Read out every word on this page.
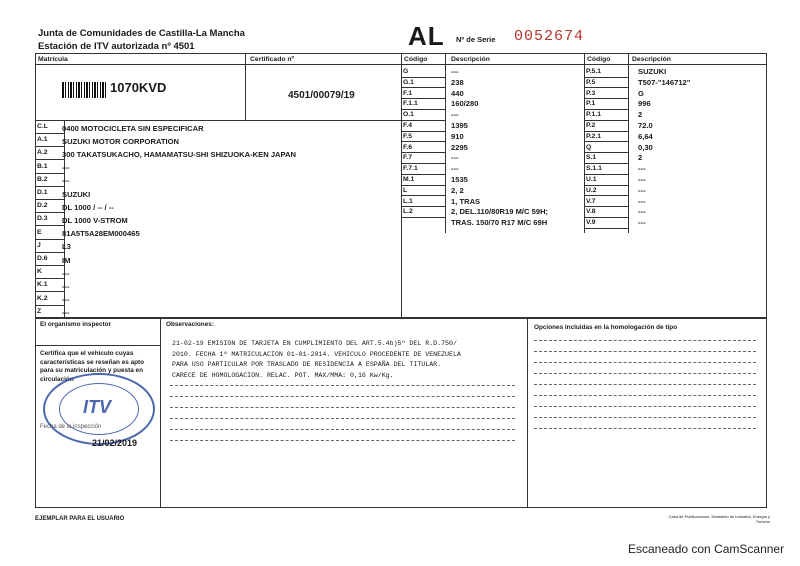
Junta de Comunidades de Castilla-La Mancha
Estación de ITV autorizada nº 4501	AL Nº de Serie 0052674
Matrícula	Certificado nº
1070KVD
4501/00079/19
C.L 0400 MOTOCICLETA SIN ESPECIFICAR
A.1 SUZUKI MOTOR CORPORATION
A.2 300 TAKATSUKACHO, HAMAMATSU-SHI SHIZUOKA-KEN JAPAN
B.1 ---
B.2 ---
D.1 SUZUKI
D.2 DL 1000 / -- / --
D.3 DL 1000 V-STROM
E	81A5T5A28EM000465
J	L3
D.6 IM
K	---
K.1 ---
K.2 ---
Z	---
Código	Descripción
G	---
G.1	238
F.1	440
F.1.1	160/280
O.1	---
F.4	1395
F.5	910
F.6	2295
F.7	---
F.7.1	---
M.1	1535
L	2, 2
L.1	1, TRAS
L.2	2, DEL.110/80R19 M/C 59H;
TRAS. 150/70 R17 M/C 69H
Código	Descripción
P.5.1	SUZUKI
P.5	T507-"146712"
P.3	G
P.1	996
P.1.1	2
P.2	72.0
P.2.1	6,64
Q	0,30
S.1	2
S.1.1	---
U.1	---
U.2	---
V.7	---
V.8	---
V.9	---
El organismo inspector
Certifica que el vehículo cuyas características se reseñan es apto para su matriculación y puesta en circulación
ITV
Fecha de la inspección
21/02/2019
Observaciones:
21-02-19 EMISION DE TARJETA EN CUMPLIMIENTO DEL ART.5.4b)5º DEL R.D.750/
2010. FECHA 1ª MATRICULACION 01-01-2014. VEHICULO PROCEDENTE DE VENEZUELA
PARA USO PARTICULAR POR TRASLADO DE RESIDENCIA A ESPAÑA DEL TITULAR.
CARECE DE HOMOLOGACION. RELAC. POT. MAX/MMA: 0,16 Kw/Kg.
Opciones incluidas en la homologación de tipo
EJEMPLAR PARA EL USUARIO	Casa de Publicaciones. Ministerio de Industria, Energía y Turismo
Escaneado con CamScanner
